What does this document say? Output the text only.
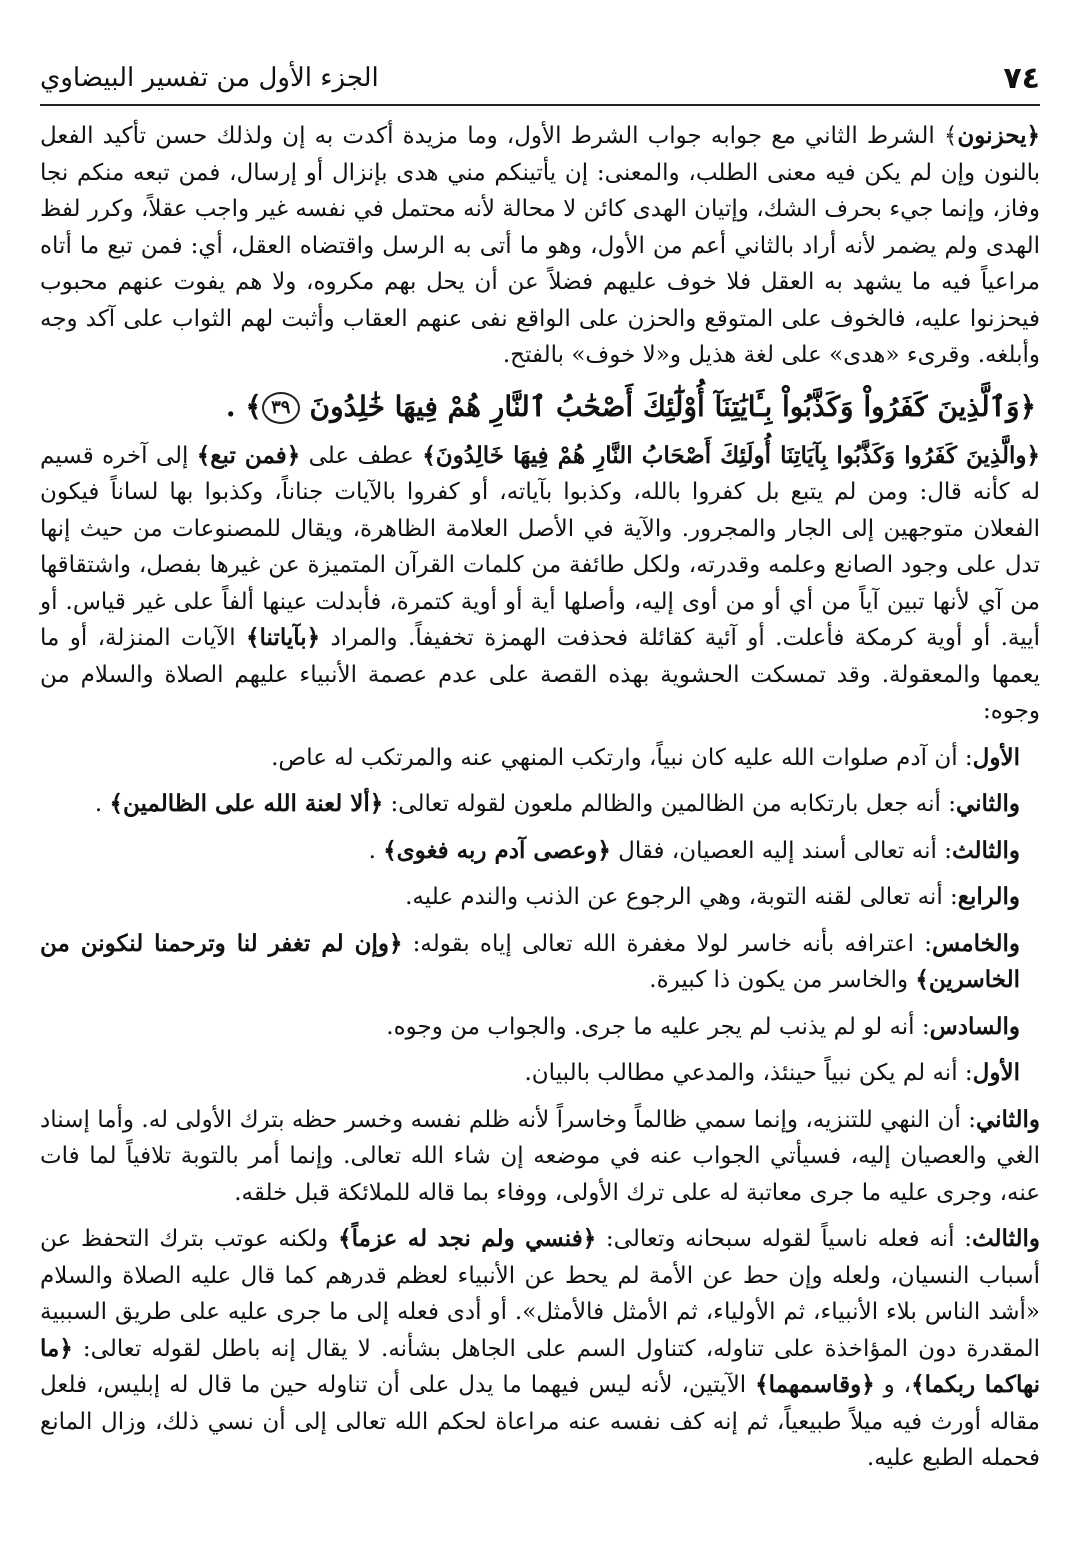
٧٤
الجزء الأول من تفسير البيضاوي

﴿يحزنون﴾ الشرط الثاني مع جوابه جواب الشرط الأول، وما مزيدة أكدت به إن ولذلك حسن تأكيد الفعل بالنون وإن لم يكن فيه معنى الطلب، والمعنى: إن يأتينكم مني هدى بإنزال أو إرسال، فمن تبعه منكم نجا وفاز، وإنما جيء بحرف الشك، وإتيان الهدى كائن لا محالة لأنه محتمل في نفسه غير واجب عقلاً، وكرر لفظ الهدى ولم يضمر لأنه أراد بالثاني أعم من الأول، وهو ما أتى به الرسل واقتضاه العقل، أي: فمن تبع ما أتاه مراعياً فيه ما يشهد به العقل فلا خوف عليهم فضلاً عن أن يحل بهم مكروه، ولا هم يفوت عنهم محبوب فيحزنوا عليه، فالخوف على المتوقع والحزن على الواقع نفى عنهم العقاب وأثبت لهم الثواب على آكد وجه وأبلغه. وقرىء «هدى» على لغة هذيل و«لا خوف» بالفتح.

﴿وَٱلَّذِينَ كَفَرُواْ وَكَذَّبُواْ بِـَٔايَٰتِنَآ أُوْلَٰٓئِكَ أَصْحَٰبُ ٱلنَّارِ هُمْ فِيهَا خَٰلِدُونَ ٣٩﴾ .

﴿والَّذِينَ كَفَرُوا وَكَذَّبُوا بِآيَاتِنَا أُولَئِكَ أَصْحَابُ النَّارِ هُمْ فِيهَا خَالِدُونَ﴾ عطف على ﴿فمن تبع﴾ إلى آخره قسيم له كأنه قال: ومن لم يتبع بل كفروا بالله، وكذبوا بآياته، أو كفروا بالآيات جناناً، وكذبوا بها لساناً فيكون الفعلان متوجهين إلى الجار والمجرور. والآية في الأصل العلامة الظاهرة، ويقال للمصنوعات من حيث إنها تدل على وجود الصانع وعلمه وقدرته، ولكل طائفة من كلمات القرآن المتميزة عن غيرها بفصل، واشتقاقها من آي لأنها تبين آياً من أي أو من أوى إليه، وأصلها أية أو أوية كتمرة، فأبدلت عينها ألفاً على غير قياس. أو أيية. أو أوية كرمكة فأعلت. أو آئية كقائلة فحذفت الهمزة تخفيفاً. والمراد ﴿بآياتنا﴾ الآيات المنزلة، أو ما يعمها والمعقولة. وقد تمسكت الحشوية بهذه القصة على عدم عصمة الأنبياء عليهم الصلاة والسلام من وجوه:

الأول: أن آدم صلوات الله عليه كان نبياً، وارتكب المنهي عنه والمرتكب له عاص.

والثاني: أنه جعل بارتكابه من الظالمين والظالم ملعون لقوله تعالى: ﴿ألا لعنة الله على الظالمين﴾ .

والثالث: أنه تعالى أسند إليه العصيان، فقال ﴿وعصى آدم ربه فغوى﴾ .

والرابع: أنه تعالى لقنه التوبة، وهي الرجوع عن الذنب والندم عليه.

والخامس: اعترافه بأنه خاسر لولا مغفرة الله تعالى إياه بقوله: ﴿وإن لم تغفر لنا وترحمنا لنكونن من الخاسرين﴾ والخاسر من يكون ذا كبيرة.

والسادس: أنه لو لم يذنب لم يجر عليه ما جرى. والجواب من وجوه.

الأول: أنه لم يكن نبياً حينئذ، والمدعي مطالب بالبيان.

والثاني: أن النهي للتنزيه، وإنما سمي ظالماً وخاسراً لأنه ظلم نفسه وخسر حظه بترك الأولى له. وأما إسناد الغي والعصيان إليه، فسيأتي الجواب عنه في موضعه إن شاء الله تعالى. وإنما أمر بالتوبة تلافياً لما فات عنه، وجرى عليه ما جرى معاتبة له على ترك الأولى، ووفاء بما قاله للملائكة قبل خلقه.

والثالث: أنه فعله ناسياً لقوله سبحانه وتعالى: ﴿فنسي ولم نجد له عزماً﴾ ولكنه عوتب بترك التحفظ عن أسباب النسيان، ولعله وإن حط عن الأمة لم يحط عن الأنبياء لعظم قدرهم كما قال عليه الصلاة والسلام «أشد الناس بلاء الأنبياء، ثم الأولياء، ثم الأمثل فالأمثل». أو أدى فعله إلى ما جرى عليه على طريق السببية المقدرة دون المؤاخذة على تناوله، كتناول السم على الجاهل بشأنه. لا يقال إنه باطل لقوله تعالى: ﴿ما نهاكما ربكما﴾، و ﴿وقاسمهما﴾ الآيتين، لأنه ليس فيهما ما يدل على أن تناوله حين ما قال له إبليس، فلعل مقاله أورث فيه ميلاً طبيعياً، ثم إنه كف نفسه عنه مراعاة لحكم الله تعالى إلى أن نسي ذلك، وزال المانع فحمله الطبع عليه.
